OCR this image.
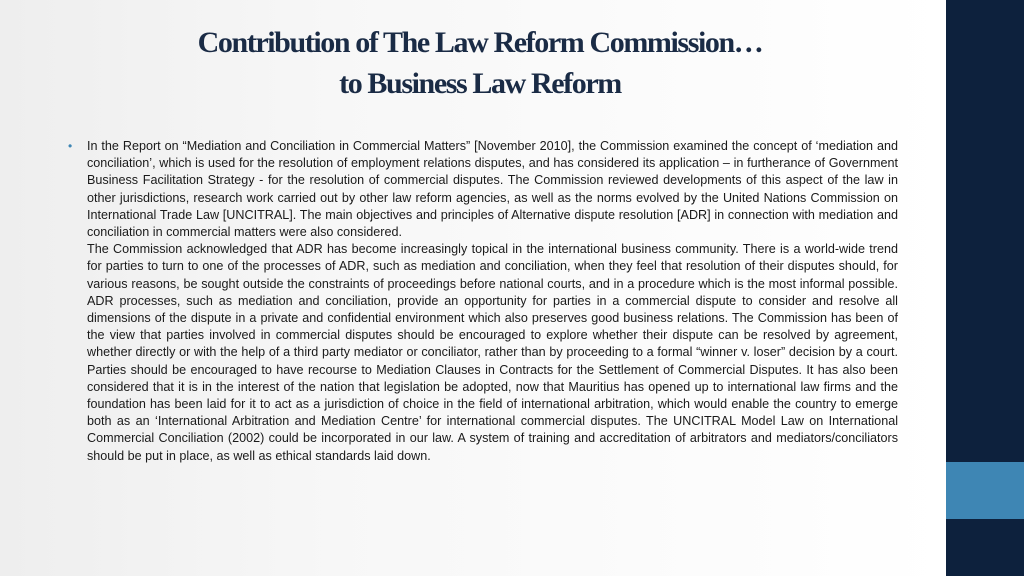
Contribution of The Law Reform Commission…
to Business Law Reform
• In the Report on “Mediation and Conciliation in Commercial Matters” [November 2010], the Commission examined the concept of ‘mediation and conciliation’, which is used for the resolution of employment relations disputes, and has considered its application – in furtherance of Government Business Facilitation Strategy - for the resolution of commercial disputes. The Commission reviewed developments of this aspect of the law in other jurisdictions, research work carried out by other law reform agencies, as well as the norms evolved by the United Nations Commission on International Trade Law [UNCITRAL]. The main objectives and principles of Alternative dispute resolution [ADR] in connection with mediation and conciliation in commercial matters were also considered.

The Commission acknowledged that ADR has become increasingly topical in the international business community. There is a world-wide trend for parties to turn to one of the processes of ADR, such as mediation and conciliation, when they feel that resolution of their disputes should, for various reasons, be sought outside the constraints of proceedings before national courts, and in a procedure which is the most informal possible. ADR processes, such as mediation and conciliation, provide an opportunity for parties in a commercial dispute to consider and resolve all dimensions of the dispute in a private and confidential environment which also preserves good business relations. The Commission has been of the view that parties involved in commercial disputes should be encouraged to explore whether their dispute can be resolved by agreement, whether directly or with the help of a third party mediator or conciliator, rather than by proceeding to a formal “winner v. loser” decision by a court. Parties should be encouraged to have recourse to Mediation Clauses in Contracts for the Settlement of Commercial Disputes. It has also been considered that it is in the interest of the nation that legislation be adopted, now that Mauritius has opened up to international law firms and the foundation has been laid for it to act as a jurisdiction of choice in the field of international arbitration, which would enable the country to emerge both as an ‘International Arbitration and Mediation Centre’ for international commercial disputes. The UNCITRAL Model Law on International Commercial Conciliation (2002) could be incorporated in our law. A system of training and accreditation of arbitrators and mediators/conciliators should be put in place, as well as ethical standards laid down.
